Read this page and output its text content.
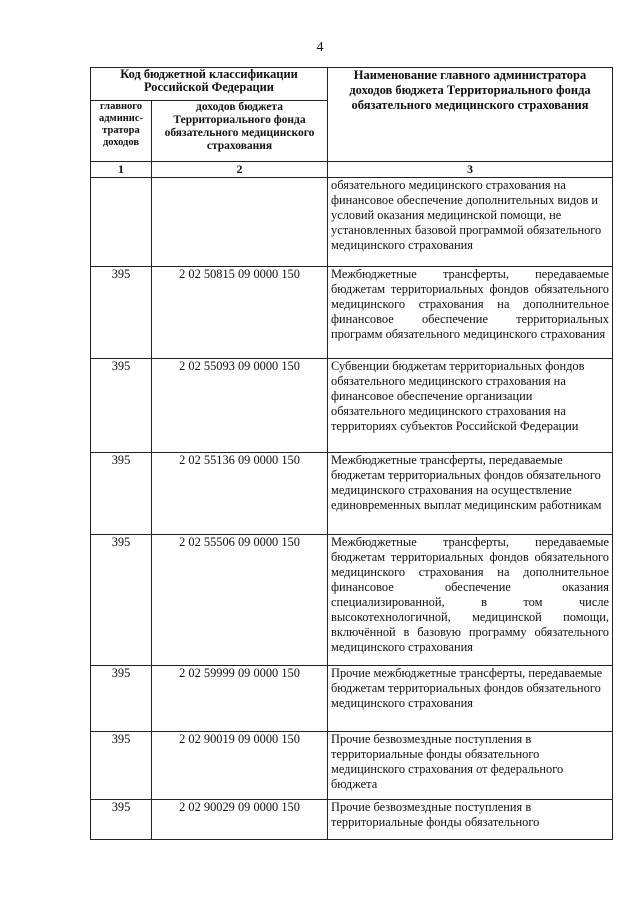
4
Код бюджетной классификации Российской Федерации		Наименование главного администратора доходов бюджета Территориального фонда обязательного медицинского страхования
главного админис-тратора доходов	доходов бюджета Территориального фонда обязательного медицинского страхования	
1	2	3
		обязательного медицинского страхования на финансовое обеспечение дополнительных видов и условий оказания медицинской помощи, не установленных базовой программой обязательного медицинского страхования
395	2 02 50815 09 0000 150	Межбюджетные трансферты, передаваемые бюджетам территориальных фондов обязательного медицинского страхования на дополнительное финансовое обеспечение территориальных программ обязательного медицинского страхования
395	2 02 55093 09 0000 150	Субвенции бюджетам территориальных фондов обязательного медицинского страхования на финансовое обеспечение организации обязательного медицинского страхования на территориях субъектов Российской Федерации
395	2 02 55136 09 0000 150	Межбюджетные трансферты, передаваемые бюджетам территориальных фондов обязательного медицинского страхования на осуществление единовременных выплат медицинским работникам
395	2 02 55506 09 0000 150	Межбюджетные трансферты, передаваемые бюджетам территориальных фондов обязательного медицинского страхования на дополнительное финансовое обеспечение оказания специализированной, в том числе высокотехнологичной, медицинской помощи, включённой в базовую программу обязательного медицинского страхования
395	2 02 59999 09 0000 150	Прочие межбюджетные трансферты, передаваемые бюджетам территориальных фондов обязательного медицинского страхования
395	2 02 90019 09 0000 150	Прочие безвозмездные поступления в территориальные фонды обязательного медицинского страхования от федерального бюджета
395	2 02 90029 09 0000 150	Прочие безвозмездные поступления в территориальные фонды обязательного
